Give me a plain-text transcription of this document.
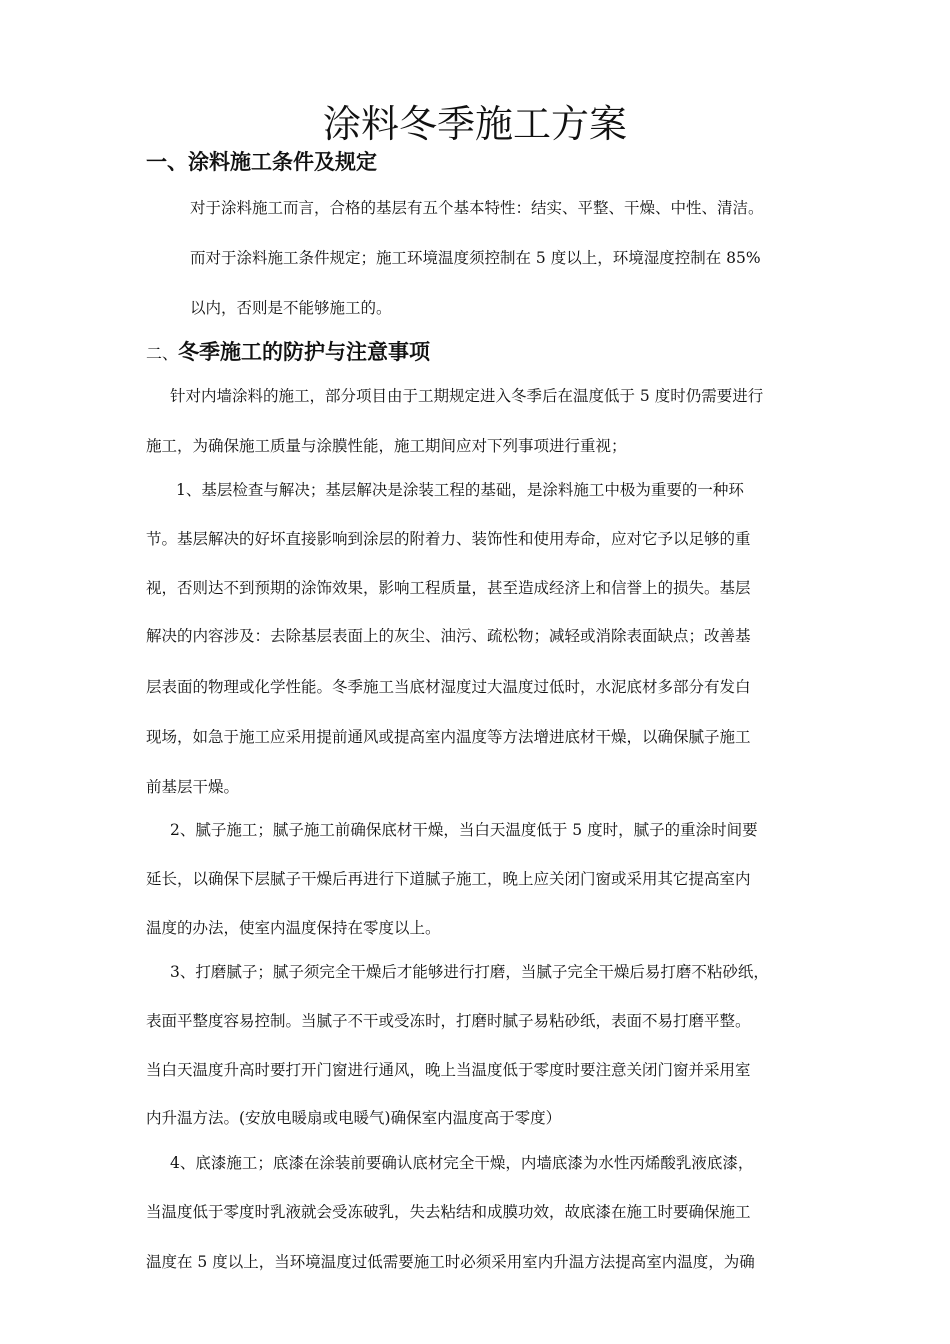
涂料冬季施工方案
一、涂料施工条件及规定
对于涂料施工而言，合格的基层有五个基本特性：结实、平整、干燥、中性、清洁。
而对于涂料施工条件规定；施工环境温度须控制在 5 度以上，环境湿度控制在 85%
以内，否则是不能够施工的。
二、冬季施工的防护与注意事项
针对内墙涂料的施工，部分项目由于工期规定进入冬季后在温度低于 5 度时仍需要进行
施工，为确保施工质量与涂膜性能，施工期间应对下列事项进行重视；
1、基层检查与解决；基层解决是涂装工程的基础，是涂料施工中极为重要的一种环
节。基层解决的好坏直接影响到涂层的附着力、装饰性和使用寿命，应对它予以足够的重
视，否则达不到预期的涂饰效果，影响工程质量，甚至造成经济上和信誉上的损失。基层
解决的内容涉及：去除基层表面上的灰尘、油污、疏松物；减轻或消除表面缺点；改善基
层表面的物理或化学性能。冬季施工当底材湿度过大温度过低时，水泥底材多部分有发白
现场，如急于施工应采用提前通风或提高室内温度等方法增进底材干燥，以确保腻子施工
前基层干燥。
2、腻子施工；腻子施工前确保底材干燥，当白天温度低于 5 度时，腻子的重涂时间要
延长，以确保下层腻子干燥后再进行下道腻子施工，晚上应关闭门窗或采用其它提高室内
温度的办法，使室内温度保持在零度以上。
3、打磨腻子；腻子须完全干燥后才能够进行打磨，当腻子完全干燥后易打磨不粘砂纸，
表面平整度容易控制。当腻子不干或受冻时，打磨时腻子易粘砂纸，表面不易打磨平整。
当白天温度升高时要打开门窗进行通风，晚上当温度低于零度时要注意关闭门窗并采用室
内升温方法。(安放电暖扇或电暖气)确保室内温度高于零度）
4、底漆施工；底漆在涂装前要确认底材完全干燥，内墙底漆为水性丙烯酸乳液底漆，
当温度低于零度时乳液就会受冻破乳，失去粘结和成膜功效，故底漆在施工时要确保施工
温度在 5 度以上，当环境温度过低需要施工时必须采用室内升温方法提高室内温度，为确
